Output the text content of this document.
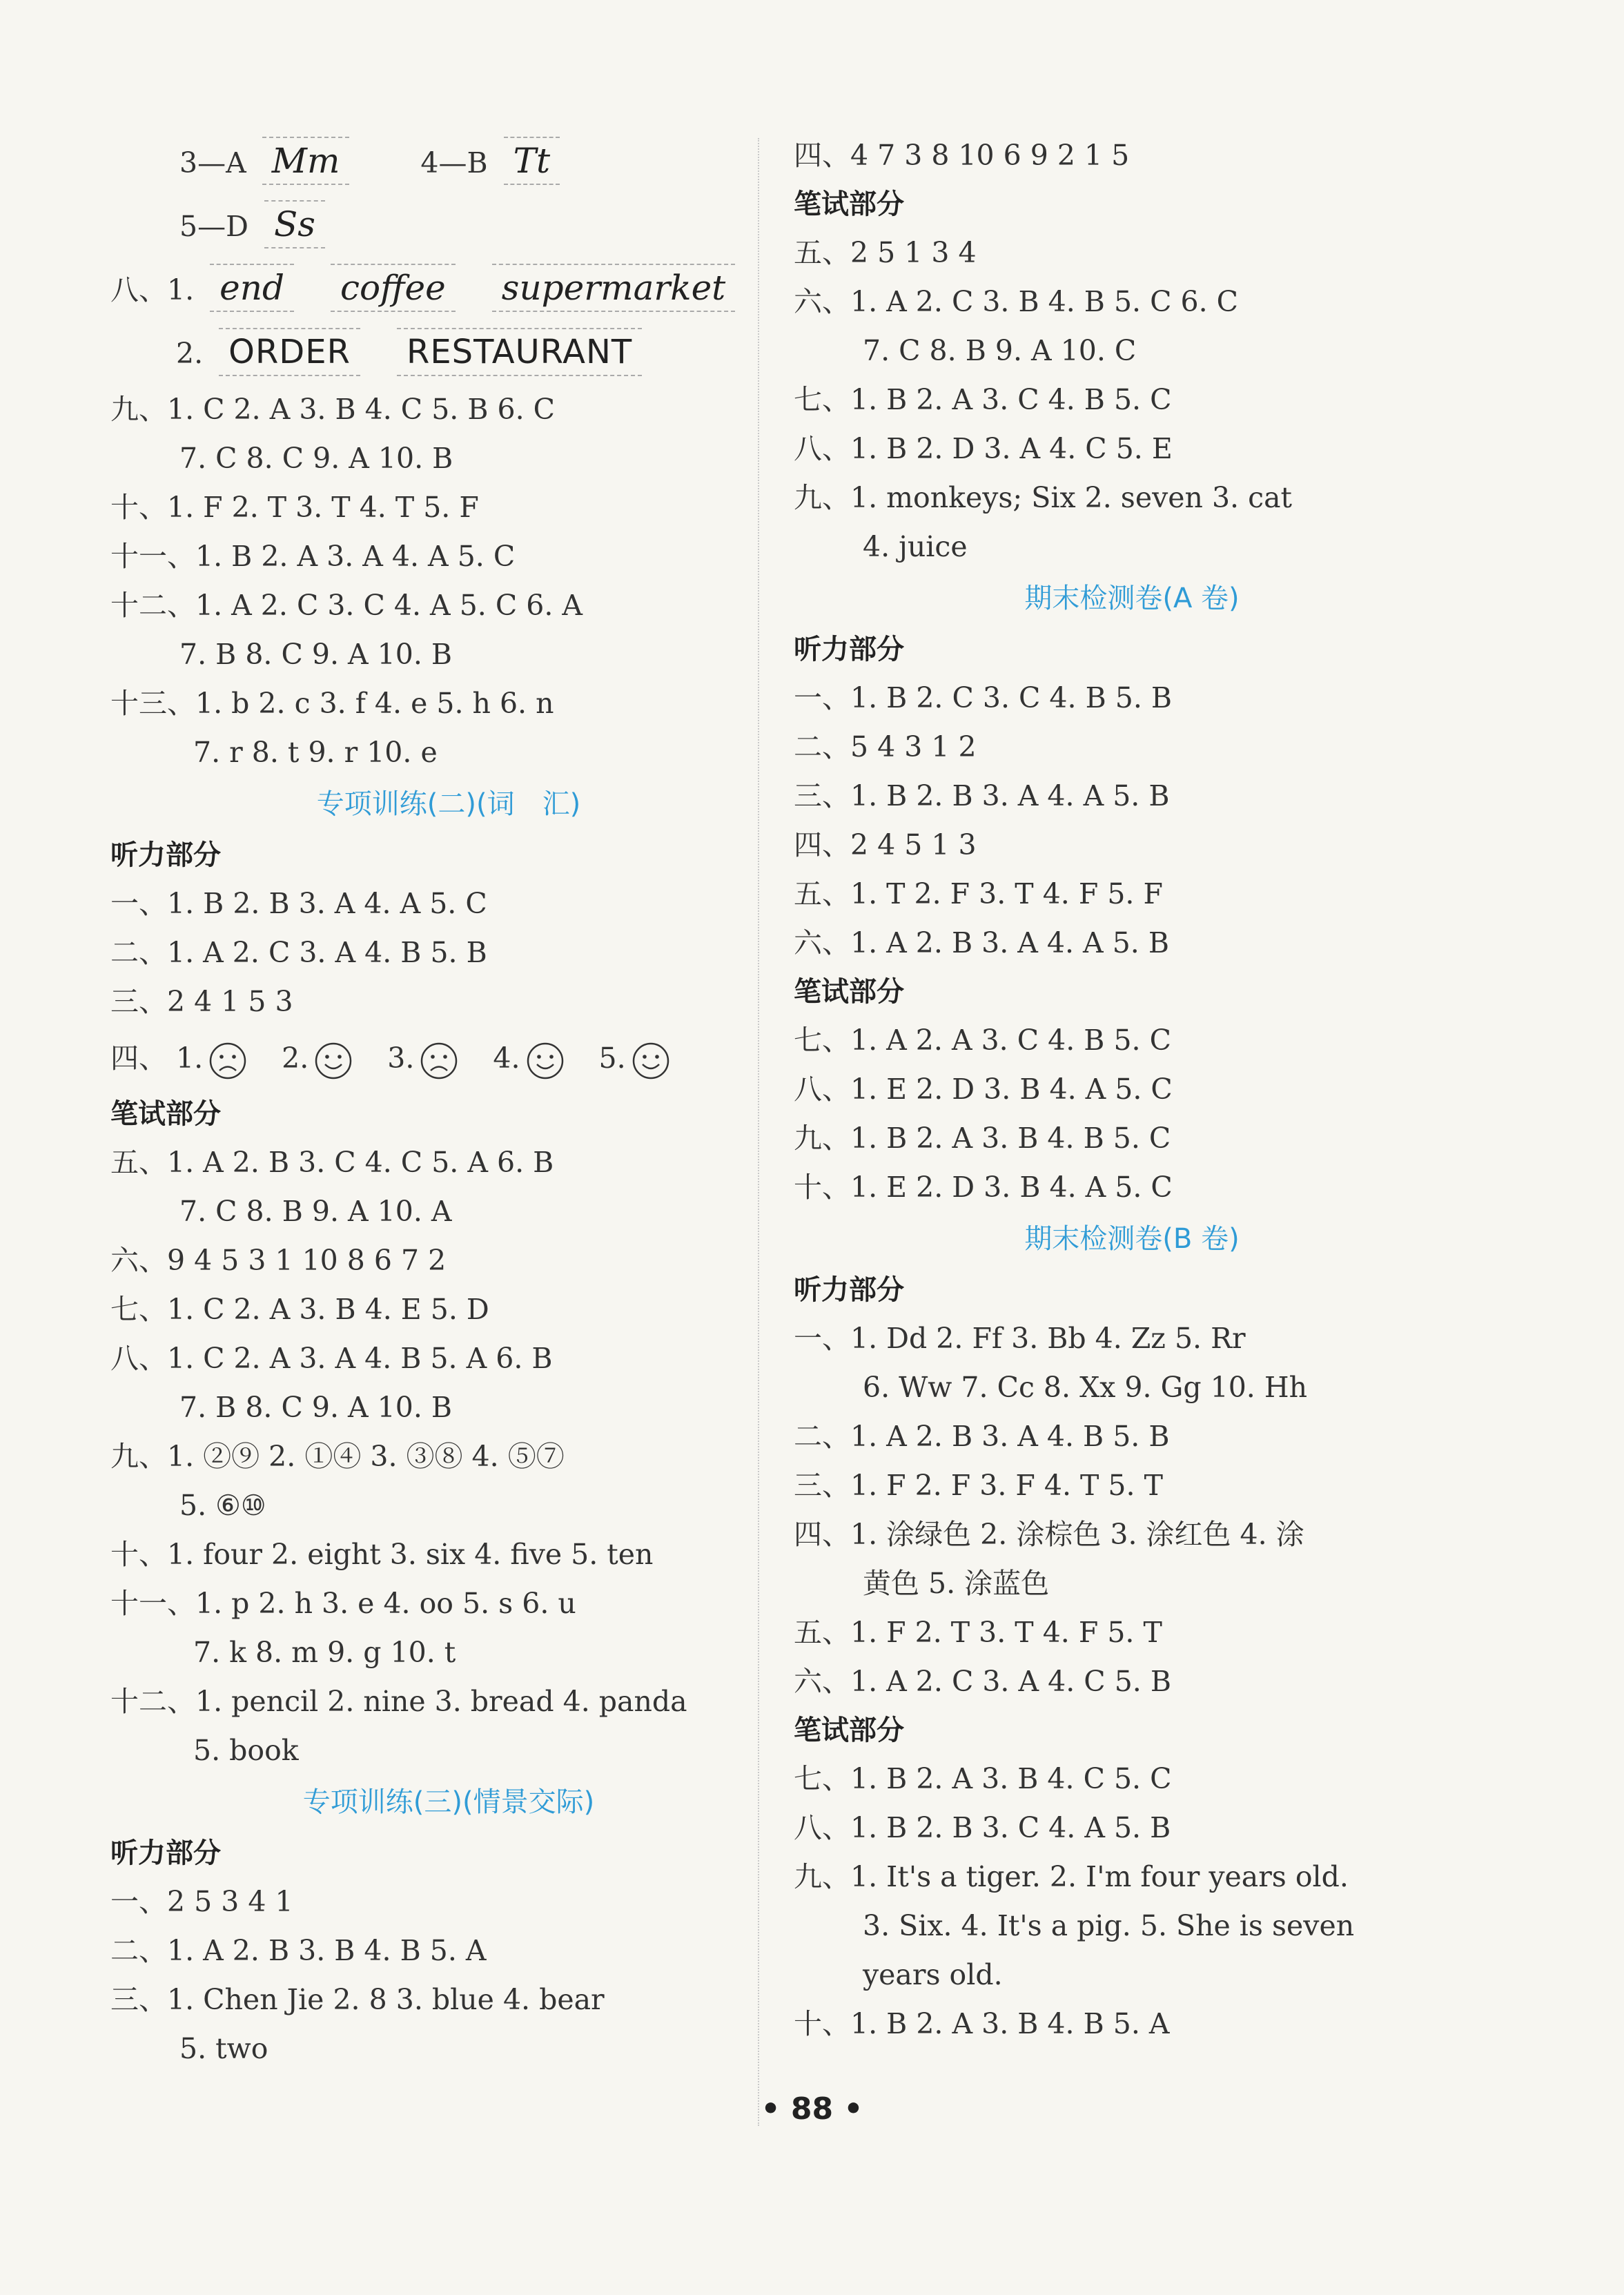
3—A Mm	4—B Tt
5—D Ss
八、1. end coffee supermarket
2. ORDER RESTAURANT
九、1. C 2. A 3. B 4. C 5. B 6. C
7. C 8. C 9. A 10. B
十、1. F 2. T 3. T 4. T 5. F
十一、1. B 2. A 3. A 4. A 5. C
十二、1. A 2. C 3. C 4. A 5. C 6. A
7. B 8. C 9. A 10. B
十三、1. b 2. c 3. f 4. e 5. h 6. n
7. r 8. t 9. r 10. e
专项训练(二)(词　汇)
听力部分
一、1. B 2. B 3. A 4. A 5. C
二、1. A 2. C 3. A 4. B 5. B
三、2 4 1 5 3
四、 1.	2.	3.	4.	5.
笔试部分
五、1. A 2. B 3. C 4. C 5. A 6. B
7. C 8. B 9. A 10. A
六、9 4 5 3 1 10 8 6 7 2
七、1. C 2. A 3. B 4. E 5. D
八、1. C 2. A 3. A 4. B 5. A 6. B
7. B 8. C 9. A 10. B
九、1. ②⑨ 2. ①④ 3. ③⑧ 4. ⑤⑦
5. ⑥⑩
十、1. four 2. eight 3. six 4. five 5. ten
十一、1. p 2. h 3. e 4. oo 5. s 6. u
7. k 8. m 9. g 10. t
十二、1. pencil 2. nine 3. bread 4. panda
5. book
专项训练(三)(情景交际)
听力部分
一、2 5 3 4 1
二、1. A 2. B 3. B 4. B 5. A
三、1. Chen Jie 2. 8 3. blue 4. bear
5. two
四、4 7 3 8 10 6 9 2 1 5
笔试部分
五、2 5 1 3 4
六、1. A 2. C 3. B 4. B 5. C 6. C
7. C 8. B 9. A 10. C
七、1. B 2. A 3. C 4. B 5. C
八、1. B 2. D 3. A 4. C 5. E
九、1. monkeys; Six 2. seven 3. cat
4. juice
期末检测卷(A 卷)
听力部分
一、1. B 2. C 3. C 4. B 5. B
二、5 4 3 1 2
三、1. B 2. B 3. A 4. A 5. B
四、2 4 5 1 3
五、1. T 2. F 3. T 4. F 5. F
六、1. A 2. B 3. A 4. A 5. B
笔试部分
七、1. A 2. A 3. C 4. B 5. C
八、1. E 2. D 3. B 4. A 5. C
九、1. B 2. A 3. B 4. B 5. C
十、1. E 2. D 3. B 4. A 5. C
期末检测卷(B 卷)
听力部分
一、1. Dd 2. Ff 3. Bb 4. Zz 5. Rr
6. Ww 7. Cc 8. Xx 9. Gg 10. Hh
二、1. A 2. B 3. A 4. B 5. B
三、1. F 2. F 3. F 4. T 5. T
四、1. 涂绿色 2. 涂棕色 3. 涂红色 4. 涂
黄色 5. 涂蓝色
五、1. F 2. T 3. T 4. F 5. T
六、1. A 2. C 3. A 4. C 5. B
笔试部分
七、1. B 2. A 3. B 4. C 5. C
八、1. B 2. B 3. C 4. A 5. B
九、1. It's a tiger. 2. I'm four years old.
3. Six. 4. It's a pig. 5. She is seven
years old.
十、1. B 2. A 3. B 4. B 5. A
• 88 •
